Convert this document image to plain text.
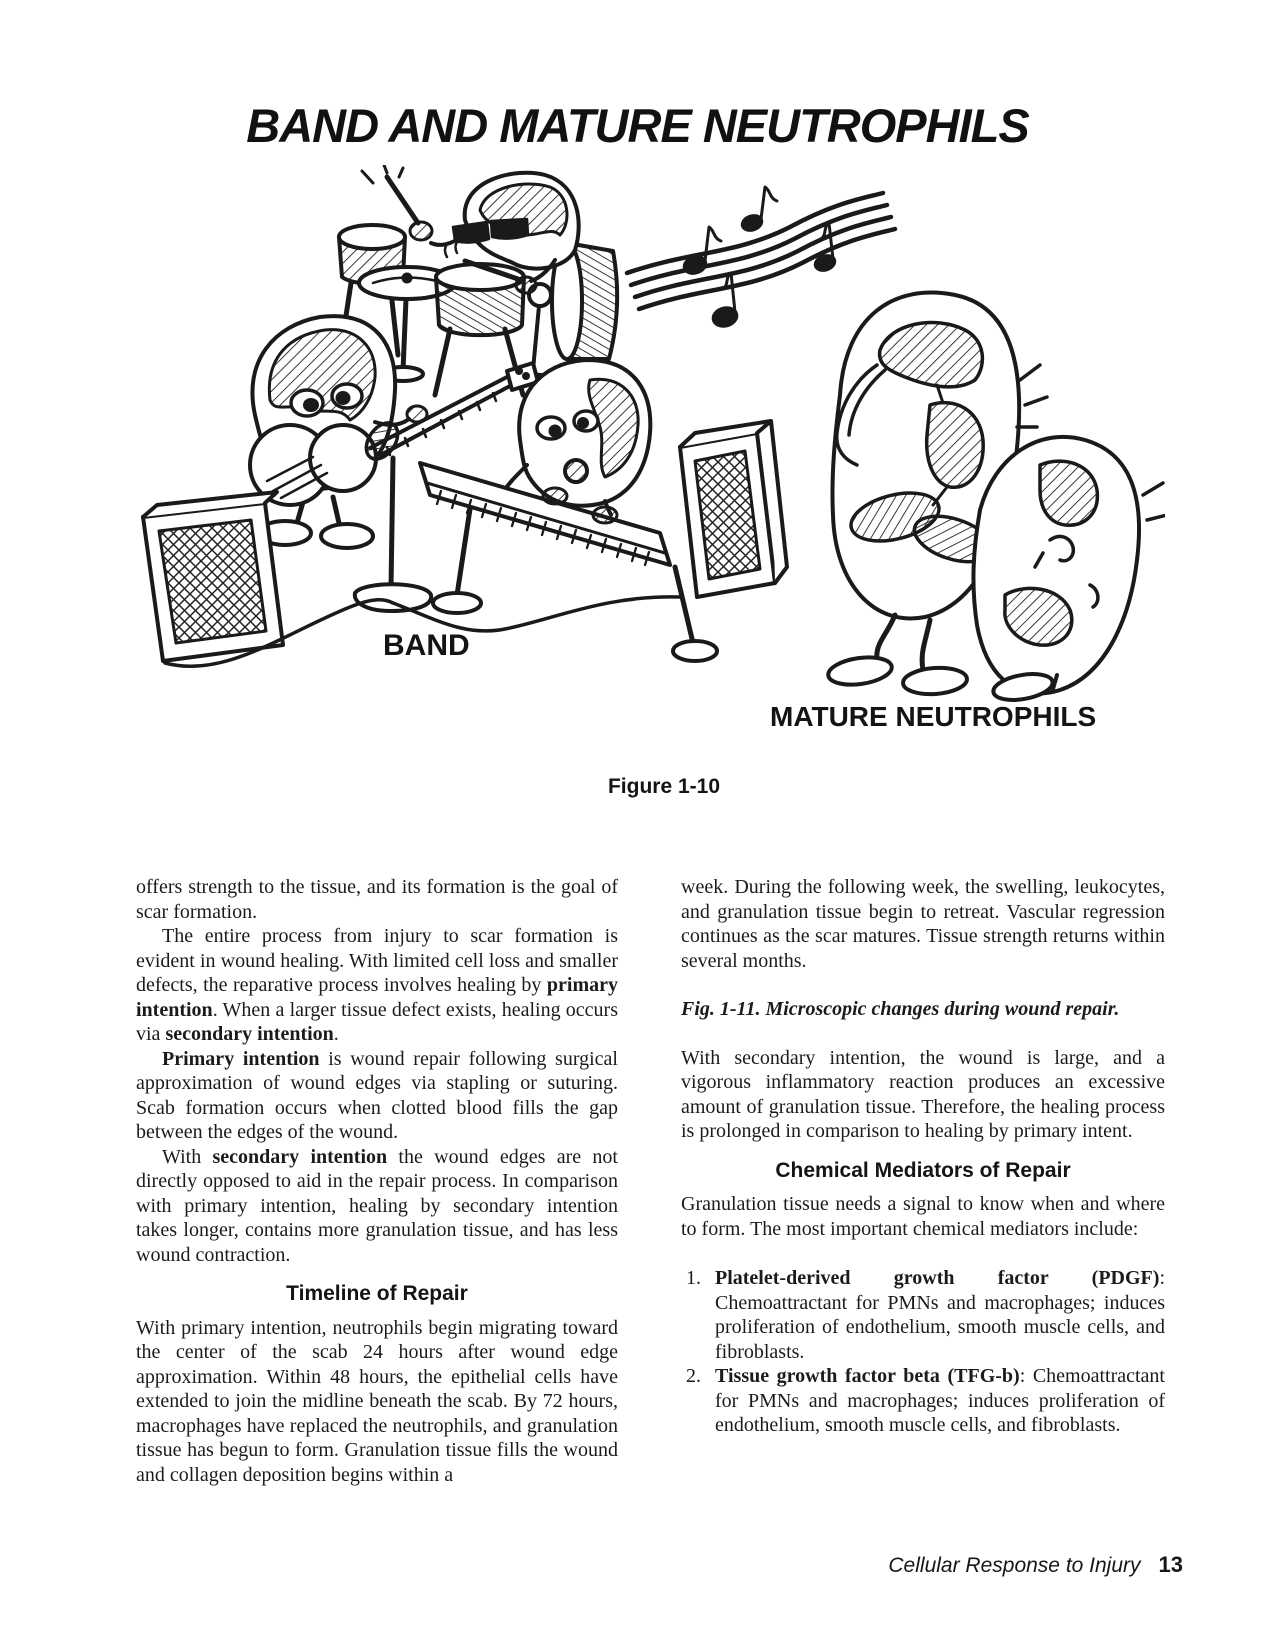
BAND AND MATURE NEUTROPHILS
BAND
MATURE NEUTROPHILS
Figure 1-10

offers strength to the tissue, and its formation is the goal of scar formation.

The entire process from injury to scar formation is evident in wound healing. With limited cell loss and smaller defects, the reparative process involves healing by primary intention. When a larger tissue defect exists, healing occurs via secondary intention.

Primary intention is wound repair following surgical approximation of wound edges via stapling or suturing. Scab formation occurs when clotted blood fills the gap between the edges of the wound.

With secondary intention the wound edges are not directly opposed to aid in the repair process. In comparison with primary intention, healing by secondary intention takes longer, contains more granulation tissue, and has less wound contraction.

Timeline of Repair

With primary intention, neutrophils begin migrating toward the center of the scab 24 hours after wound edge approximation. Within 48 hours, the epithelial cells have extended to join the midline beneath the scab. By 72 hours, macrophages have replaced the neutrophils, and granulation tissue has begun to form. Granulation tissue fills the wound and collagen deposition begins within a

week. During the following week, the swelling, leukocytes, and granulation tissue begin to retreat. Vascular regression continues as the scar matures. Tissue strength returns within several months.

Fig. 1-11. Microscopic changes during wound repair.

With secondary intention, the wound is large, and a vigorous inflammatory reaction produces an excessive amount of granulation tissue. Therefore, the healing process is prolonged in comparison to healing by primary intent.

Chemical Mediators of Repair

Granulation tissue needs a signal to know when and where to form. The most important chemical mediators include:

1. Platelet-derived growth factor (PDGF): Chemoattractant for PMNs and macrophages; induces proliferation of endothelium, smooth muscle cells, and fibroblasts.
2. Tissue growth factor beta (TFG-b): Chemoattractant for PMNs and macrophages; induces proliferation of endothelium, smooth muscle cells, and fibroblasts.
Cellular Response to Injury 13
